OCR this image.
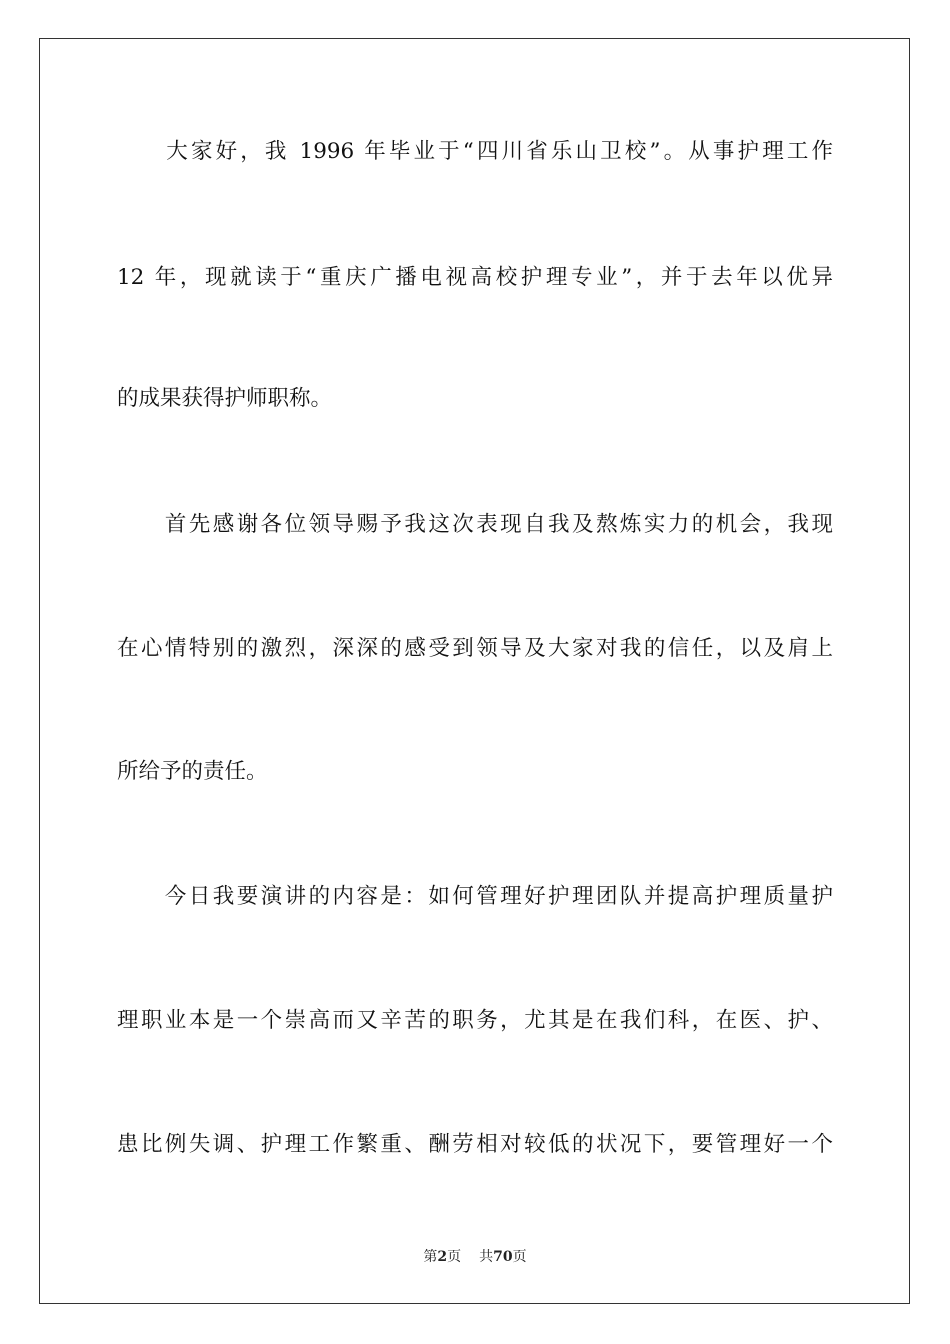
　　大家好，我 1996 年毕业于“四川省乐山卫校”。从事护理工作
12 年，现就读于“重庆广播电视高校护理专业”，并于去年以优异
的成果获得护师职称。
　　首先感谢各位领导赐予我这次表现自我及熬炼实力的机会，我现
在心情特别的激烈，深深的感受到领导及大家对我的信任，以及肩上
所给予的责任。
　　今日我要演讲的内容是：如何管理好护理团队并提高护理质量护
理职业本是一个崇高而又辛苦的职务，尤其是在我们科，在医、护、
患比例失调、护理工作繁重、酬劳相对较低的状况下，要管理好一个
第2页 共70页
